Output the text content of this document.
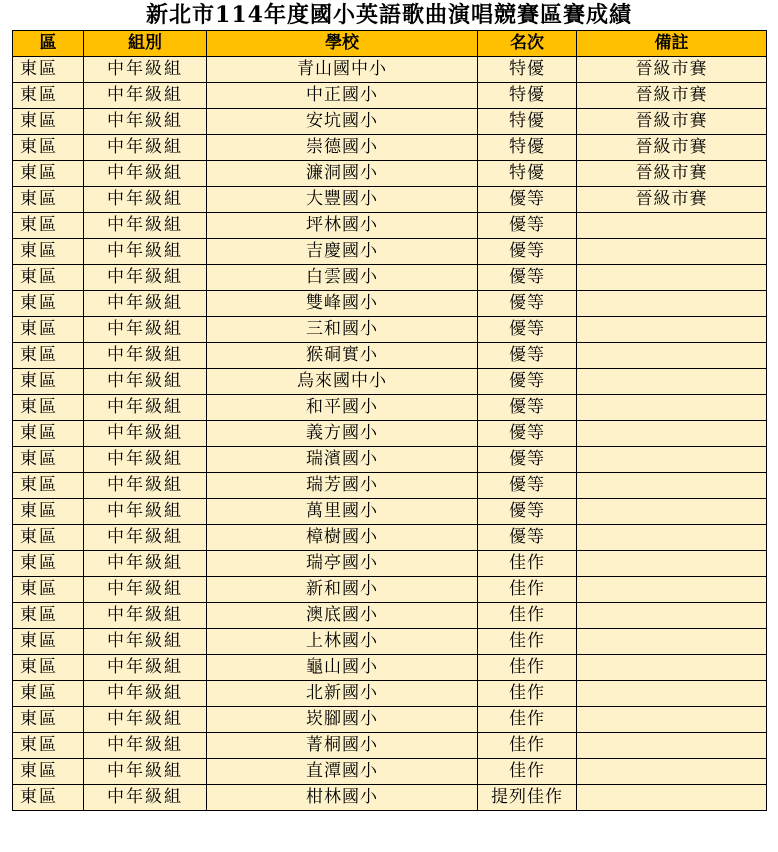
新北市114年度國小英語歌曲演唱競賽區賽成績
區	組別	學校	名次	備註
東區	中年級組	青山國中小	特優	晉級市賽
東區	中年級組	中正國小	特優	晉級市賽
東區	中年級組	安坑國小	特優	晉級市賽
東區	中年級組	崇德國小	特優	晉級市賽
東區	中年級組	濂洞國小	特優	晉級市賽
東區	中年級組	大豐國小	優等	晉級市賽
東區	中年級組	坪林國小	優等	
東區	中年級組	吉慶國小	優等	
東區	中年級組	白雲國小	優等	
東區	中年級組	雙峰國小	優等	
東區	中年級組	三和國小	優等	
東區	中年級組	猴硐實小	優等	
東區	中年級組	烏來國中小	優等	
東區	中年級組	和平國小	優等	
東區	中年級組	義方國小	優等	
東區	中年級組	瑞濱國小	優等	
東區	中年級組	瑞芳國小	優等	
東區	中年級組	萬里國小	優等	
東區	中年級組	樟樹國小	優等	
東區	中年級組	瑞亭國小	佳作	
東區	中年級組	新和國小	佳作	
東區	中年級組	澳底國小	佳作	
東區	中年級組	上林國小	佳作	
東區	中年級組	龜山國小	佳作	
東區	中年級組	北新國小	佳作	
東區	中年級組	崁腳國小	佳作	
東區	中年級組	菁桐國小	佳作	
東區	中年級組	直潭國小	佳作	
東區	中年級組	柑林國小	提列佳作	
